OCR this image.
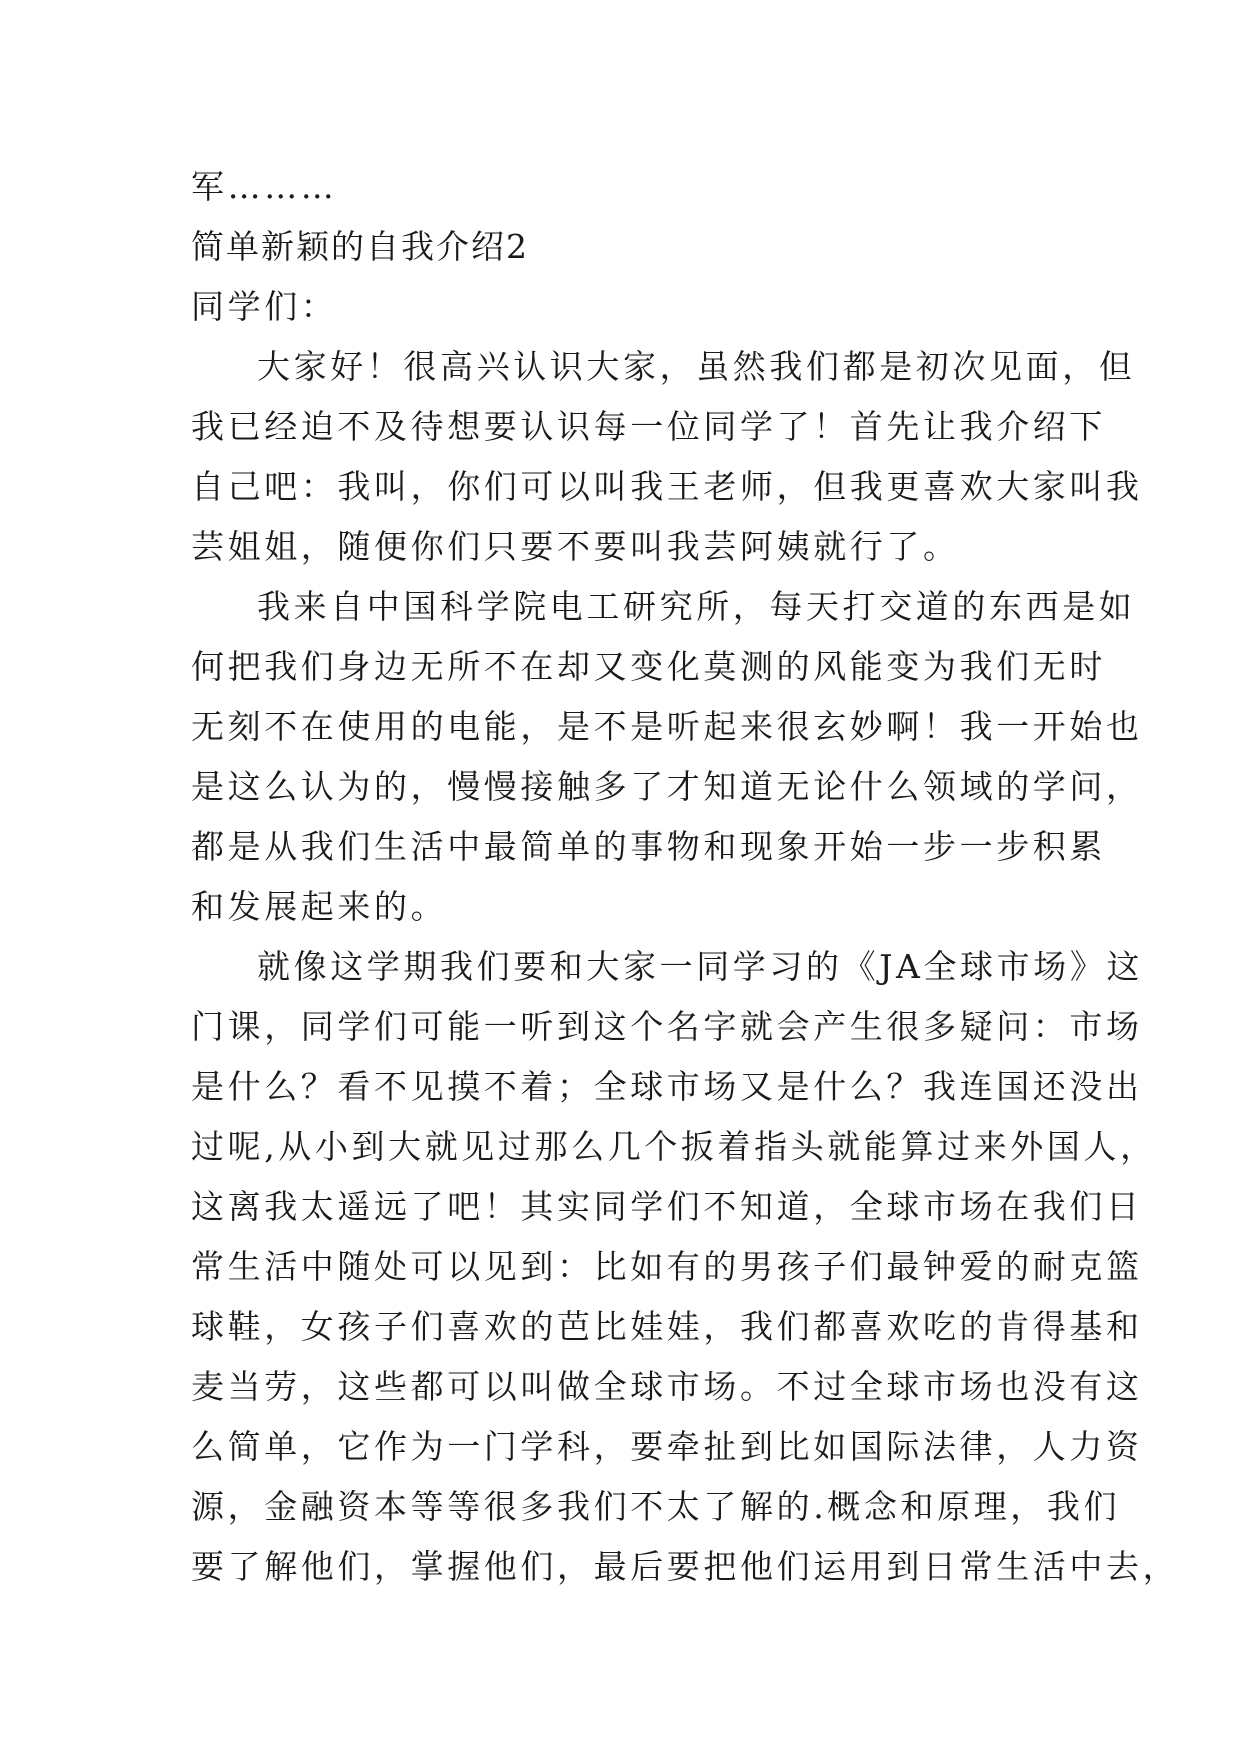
军………
简单新颖的自我介绍2
同学们：
大家好！很高兴认识大家，虽然我们都是初次见面，但
我已经迫不及待想要认识每一位同学了！首先让我介绍下
自己吧：我叫，你们可以叫我王老师，但我更喜欢大家叫我
芸姐姐，随便你们只要不要叫我芸阿姨就行了。
我来自中国科学院电工研究所，每天打交道的东西是如
何把我们身边无所不在却又变化莫测的风能变为我们无时
无刻不在使用的电能，是不是听起来很玄妙啊！我一开始也
是这么认为的，慢慢接触多了才知道无论什么领域的学问，
都是从我们生活中最简单的事物和现象开始一步一步积累
和发展起来的。
就像这学期我们要和大家一同学习的《JA全球市场》这
门课，同学们可能一听到这个名字就会产生很多疑问：市场
是什么？看不见摸不着；全球市场又是什么？我连国还没出
过呢,从小到大就见过那么几个扳着指头就能算过来外国人，
这离我太遥远了吧！其实同学们不知道，全球市场在我们日
常生活中随处可以见到：比如有的男孩子们最钟爱的耐克篮
球鞋，女孩子们喜欢的芭比娃娃，我们都喜欢吃的肯得基和
麦当劳，这些都可以叫做全球市场。不过全球市场也没有这
么简单，它作为一门学科，要牵扯到比如国际法律，人力资
源，金融资本等等很多我们不太了解的.概念和原理，我们
要了解他们，掌握他们，最后要把他们运用到日常生活中去，
